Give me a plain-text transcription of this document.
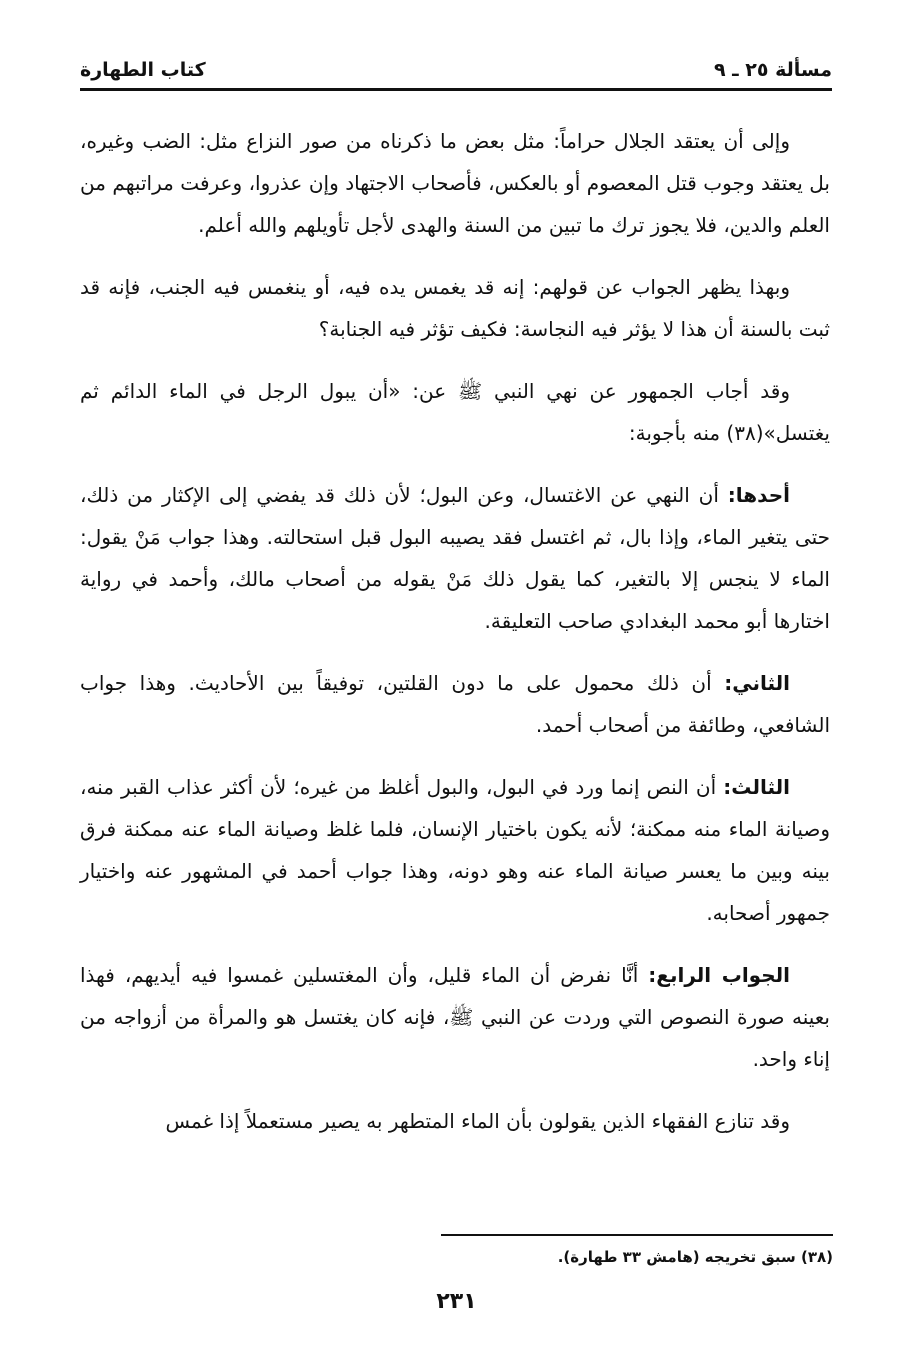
مسألة ٢٥ ـ ٩
كتاب الطهارة

وإلى أن يعتقد الجلال حراماً: مثل بعض ما ذكرناه من صور النزاع مثل: الضب وغيره، بل يعتقد وجوب قتل المعصوم أو بالعكس، فأصحاب الاجتهاد وإن عذروا، وعرفت مراتبهم من العلم والدين، فلا يجوز ترك ما تبين من السنة والهدى لأجل تأويلهم والله أعلم.

وبهذا يظهر الجواب عن قولهم: إنه قد يغمس يده فيه، أو ينغمس فيه الجنب، فإنه قد ثبت بالسنة أن هذا لا يؤثر فيه النجاسة: فكيف تؤثر فيه الجنابة؟

وقد أجاب الجمهور عن نهي النبي ﷺ عن: «أن يبول الرجل في الماء الدائم ثم يغتسل»(٣٨) منه بأجوبة:

أحدها: أن النهي عن الاغتسال، وعن البول؛ لأن ذلك قد يفضي إلى الإكثار من ذلك، حتى يتغير الماء، وإذا بال، ثم اغتسل فقد يصيبه البول قبل استحالته. وهذا جواب مَنْ يقول: الماء لا ينجس إلا بالتغير، كما يقول ذلك مَنْ يقوله من أصحاب مالك، وأحمد في رواية اختارها أبو محمد البغدادي صاحب التعليقة.

الثاني: أن ذلك محمول على ما دون القلتين، توفيقاً بين الأحاديث. وهذا جواب الشافعي، وطائفة من أصحاب أحمد.

الثالث: أن النص إنما ورد في البول، والبول أغلظ من غيره؛ لأن أكثر عذاب القبر منه، وصيانة الماء منه ممكنة؛ لأنه يكون باختيار الإنسان، فلما غلظ وصيانة الماء عنه ممكنة فرق بينه وبين ما يعسر صيانة الماء عنه وهو دونه، وهذا جواب أحمد في المشهور عنه واختيار جمهور أصحابه.

الجواب الرابع: أنَّا نفرض أن الماء قليل، وأن المغتسلين غمسوا فيه أيديهم، فهذا بعينه صورة النصوص التي وردت عن النبي ﷺ، فإنه كان يغتسل هو والمرأة من أزواجه من إناء واحد.

وقد تنازع الفقهاء الذين يقولون بأن الماء المتطهر به يصير مستعملاً إذا غمس

(٣٨) سبق تخريجه (هامش ٣٣ طهارة).
٢٣١
